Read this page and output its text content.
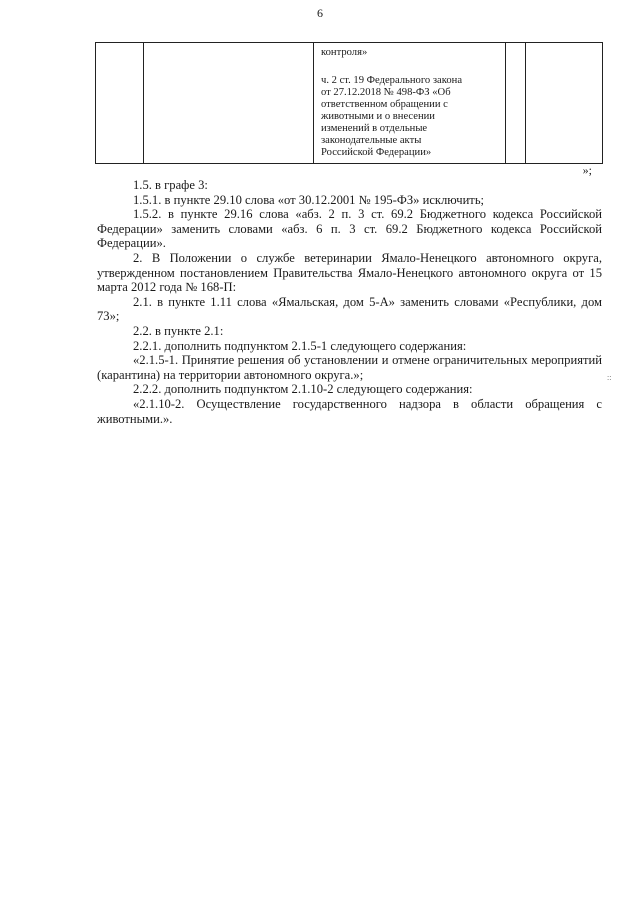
6
контроля»
ч. 2 ст. 19 Федерального закона
от 27.12.2018 № 498-ФЗ «Об
ответственном обращении с
животными и о внесении
изменений в отдельные
законодательные акты
Российской Федерации»
»;

1.5. в графе 3:

1.5.1. в пункте 29.10 слова «от 30.12.2001 № 195-ФЗ» исключить;

1.5.2. в пункте 29.16 слова «абз. 2 п. 3 ст. 69.2 Бюджетного кодекса Российской Федерации» заменить словами «абз. 6 п. 3 ст. 69.2 Бюджетного кодекса Российской Федерации».

2. В Положении о службе ветеринарии Ямало-Ненецкого автономного округа, утвержденном постановлением Правительства Ямало-Ненецкого автономного округа от 15 марта 2012 года № 168-П:

2.1. в пункте 1.11 слова «Ямальская, дом 5-А» заменить словами «Республики, дом 73»;

2.2. в пункте 2.1:

2.2.1. дополнить подпунктом 2.1.5-1 следующего содержания:

«2.1.5-1. Принятие решения об установлении и отмене ограничительных мероприятий (карантина) на территории автономного округа.»;

2.2.2. дополнить подпунктом 2.1.10-2 следующего содержания:

«2.1.10-2. Осуществление государственного надзора в области обращения с животными.».

::
